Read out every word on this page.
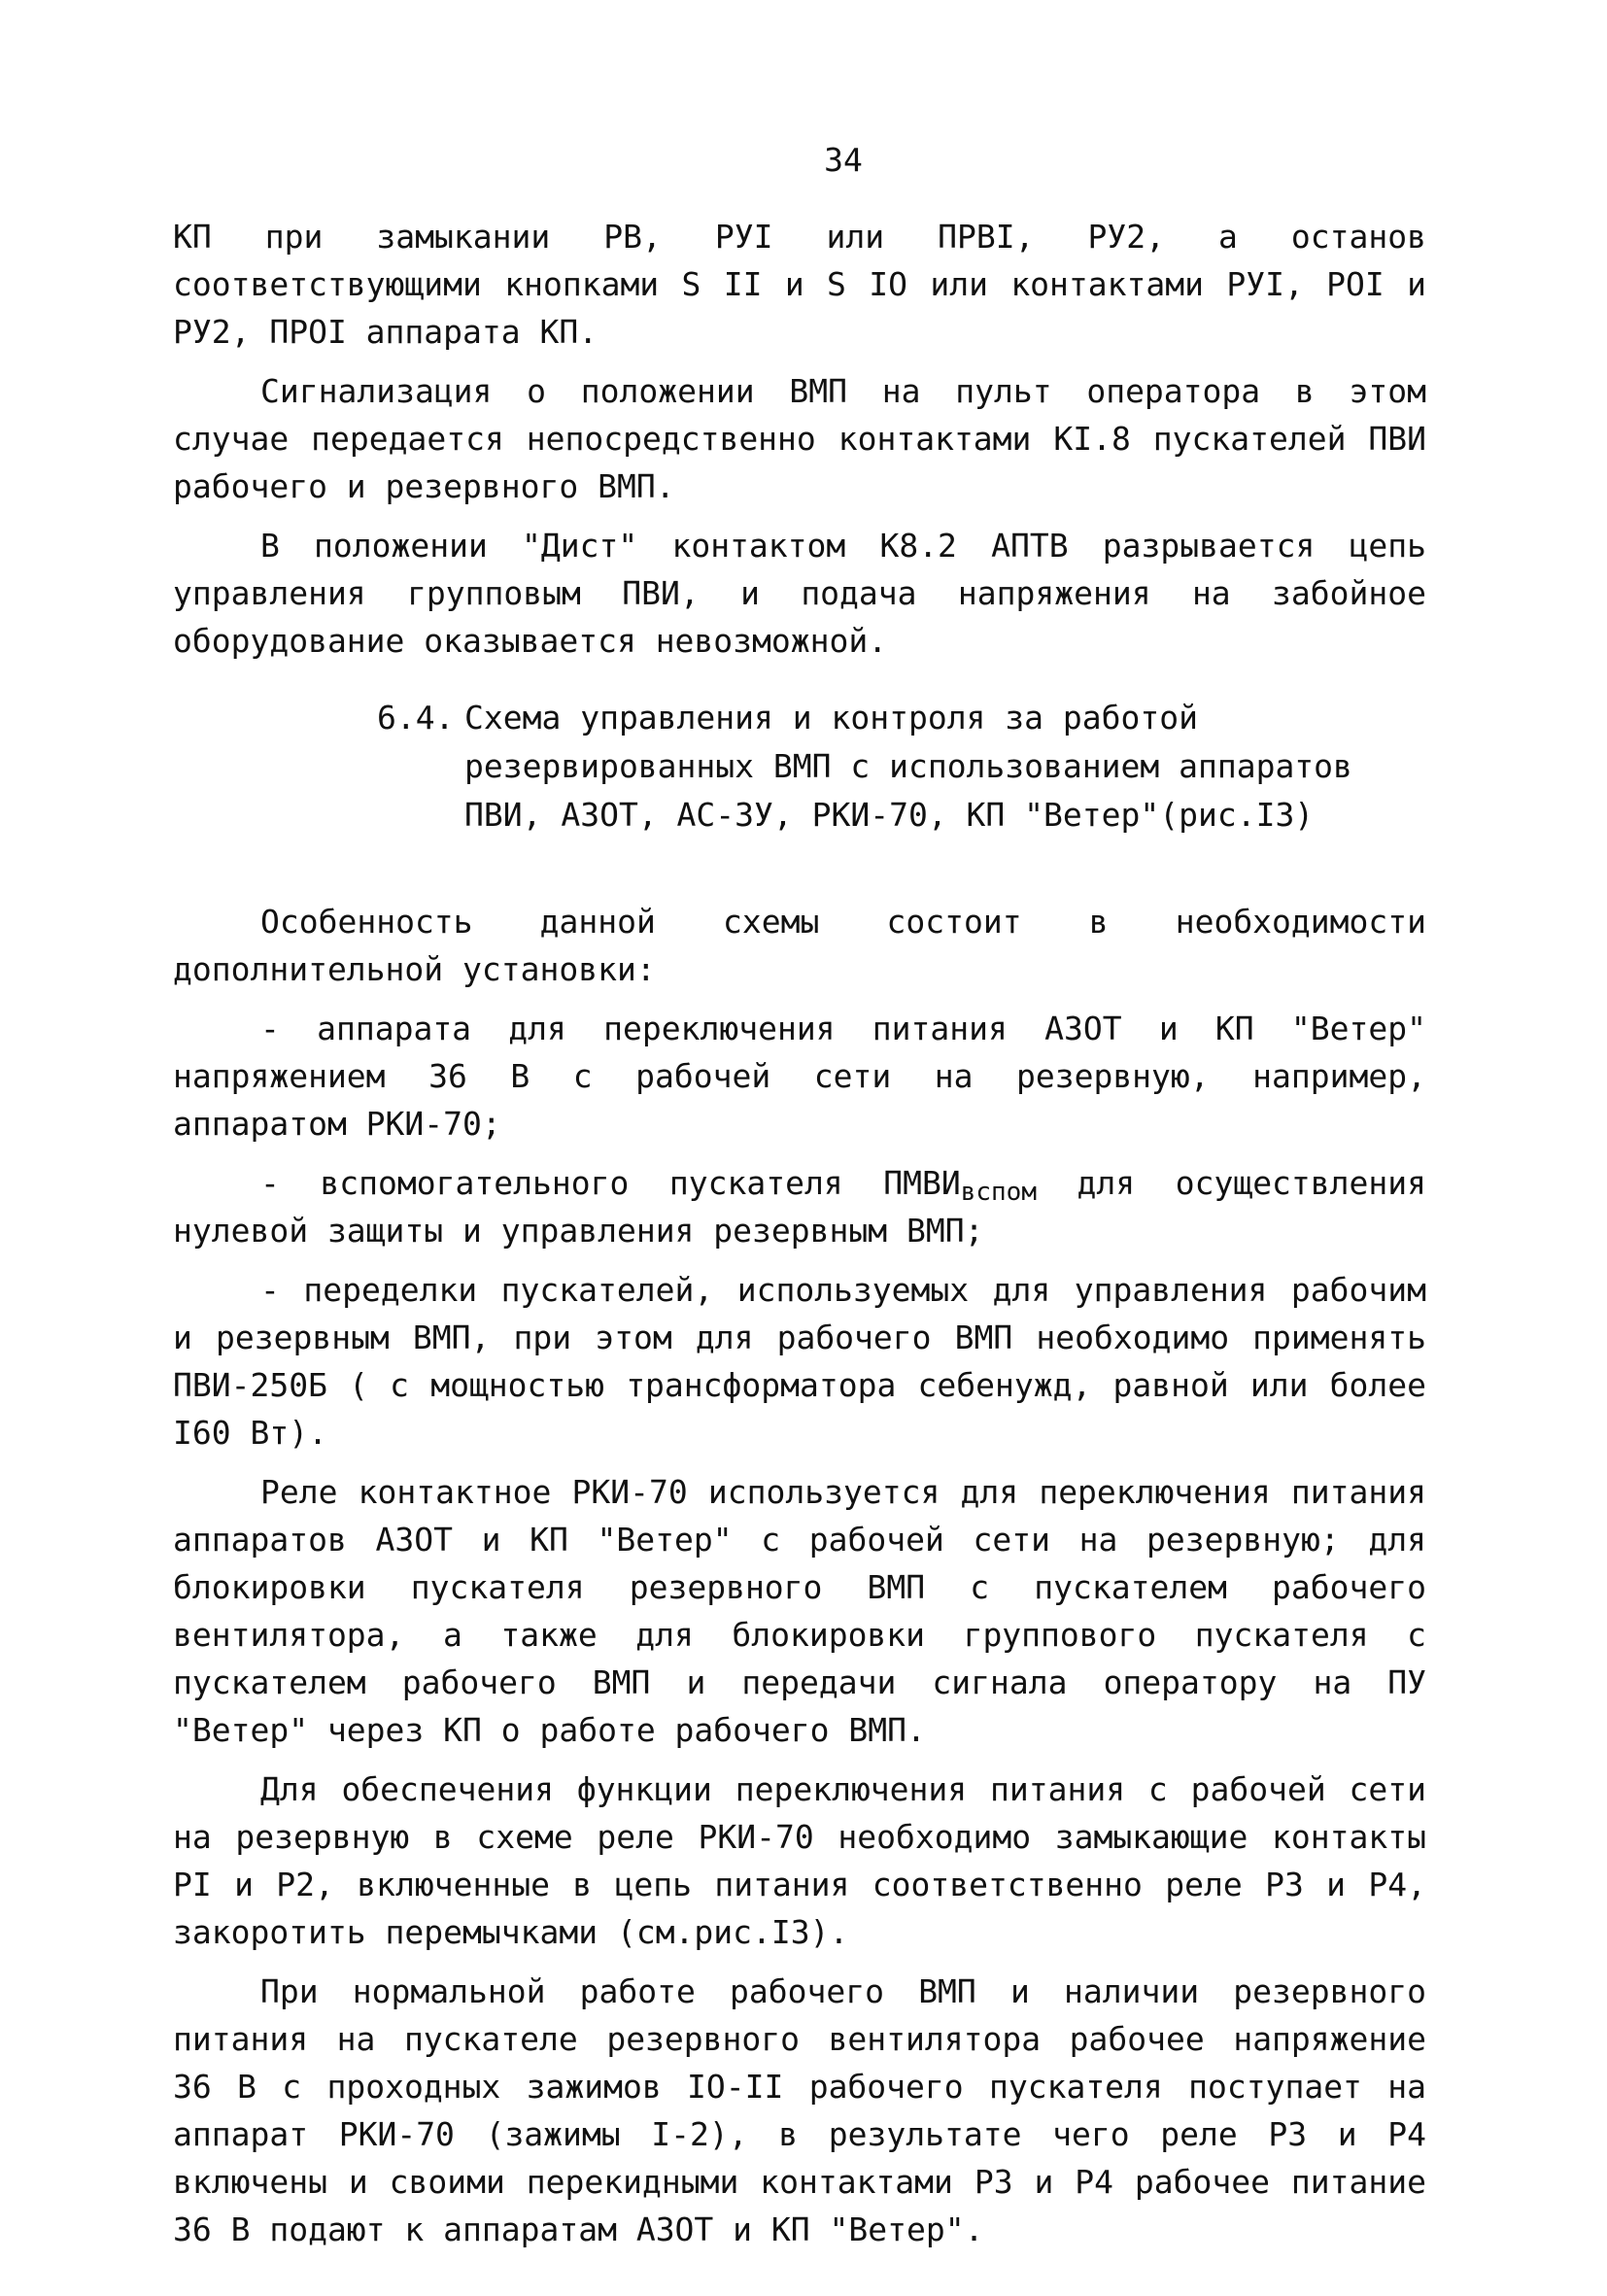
34

КП при замыкании РВ, РУI или ПРВI, РУ2, а останов соответствующими кнопками S II и S IO или контактами РУI, РОI и РУ2, ПРОI аппарата КП.

Сигнализация о положении ВМП на пульт оператора в этом случае передается непосредственно контактами КI.8 пускателей ПВИ рабочего и резервного ВМП.

В положении "Дист" контактом К8.2 АПТВ разрывается цепь управления групповым ПВИ, и подача напряжения на забойное оборудование оказывается невозможной.

6.4. Схема управления и контроля за работой резервированных ВМП с использованием аппаратов ПВИ, АЗОТ, АС-ЗУ, РКИ-70, КП "Ветер"(рис.I3)

Особенность данной схемы состоит в необходимости дополнительной установки:

- аппарата для переключения питания АЗОТ и КП "Ветер" напряжением 36 В с рабочей сети на резервную, например, аппаратом РКИ-70;

- вспомогательного пускателя $ПМВИ_{вспом}$ для осуществления нулевой защиты и управления резервным ВМП;

- переделки пускателей, используемых для управления рабочим и резервным ВМП, при этом для рабочего ВМП необходимо применять ПВИ-250Б ( с мощностью трансформатора себенужд, равной или более I60 Вт).

Реле контактное РКИ-70 используется для переключения питания аппаратов АЗОТ и КП "Ветер" с рабочей сети на резервную; для блокировки пускателя резервного ВМП с пускателем рабочего вентилятора, а также для блокировки группового пускателя с пускателем рабочего ВМП и передачи сигнала оператору на ПУ "Ветер" через КП о работе рабочего ВМП.

Для обеспечения функции переключения питания с рабочей сети на резервную в схеме реле РКИ-70 необходимо замыкающие контакты РI и Р2, включенные в цепь питания соответственно реле Р3 и Р4, закоротить перемычками (см.рис.I3).

При нормальной работе рабочего ВМП и наличии резервного питания на пускателе резервного вентилятора рабочее напряжение 36 В с проходных зажимов IO-II рабочего пускателя поступает на аппарат РКИ-70 (зажимы I-2), в результате чего реле Р3 и Р4 включены и своими перекидными контактами Р3 и Р4 рабочее питание 36 В подают к аппаратам АЗОТ и КП "Ветер".
